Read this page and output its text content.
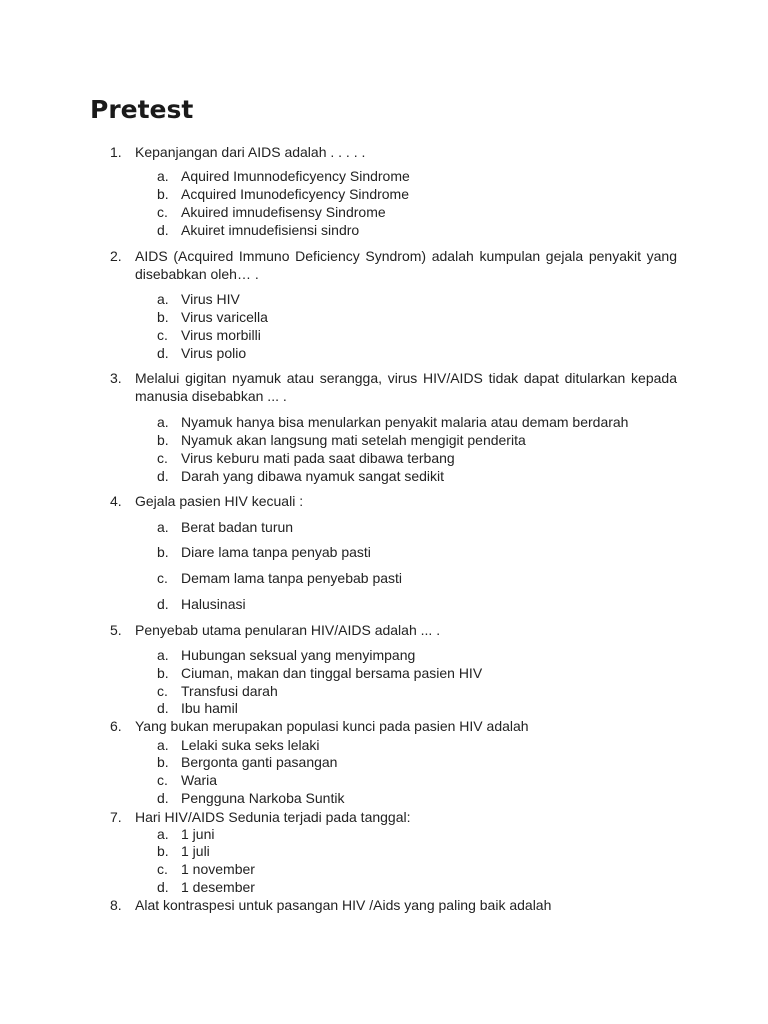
Pretest
1. Kepanjangan dari AIDS adalah . . . . .
a. Aquired Imunnodeficyency Sindrome
b. Acquired Imunodeficyency Sindrome
c. Akuired imnudefisensy Sindrome
d. Akuiret imnudefisiensi sindro
2. AIDS (Acquired Immuno Deficiency Syndrom) adalah kumpulan gejala penyakit yang disebabkan oleh… .
a. Virus HIV
b. Virus varicella
c. Virus morbilli
d. Virus polio
3. Melalui gigitan nyamuk atau serangga, virus HIV/AIDS tidak dapat ditularkan kepada manusia disebabkan ... .
a. Nyamuk hanya bisa menularkan penyakit malaria atau demam berdarah
b. Nyamuk akan langsung mati setelah mengigit penderita
c. Virus keburu mati pada saat dibawa terbang
d. Darah yang dibawa nyamuk sangat sedikit
4. Gejala pasien HIV kecuali :
a. Berat badan turun
b. Diare lama tanpa penyab pasti
c. Demam lama tanpa penyebab pasti
d. Halusinasi
5. Penyebab utama penularan HIV/AIDS adalah ... .
a. Hubungan seksual yang menyimpang
b. Ciuman, makan dan tinggal bersama pasien HIV
c. Transfusi darah
d. Ibu hamil
6. Yang bukan merupakan populasi kunci pada pasien HIV adalah
a. Lelaki suka seks lelaki
b. Bergonta ganti pasangan
c. Waria
d. Pengguna Narkoba Suntik
7. Hari HIV/AIDS Sedunia terjadi pada tanggal:
a. 1 juni
b. 1 juli
c. 1 november
d. 1 desember
8. Alat kontraspesi untuk pasangan HIV /Aids yang paling baik adalah
